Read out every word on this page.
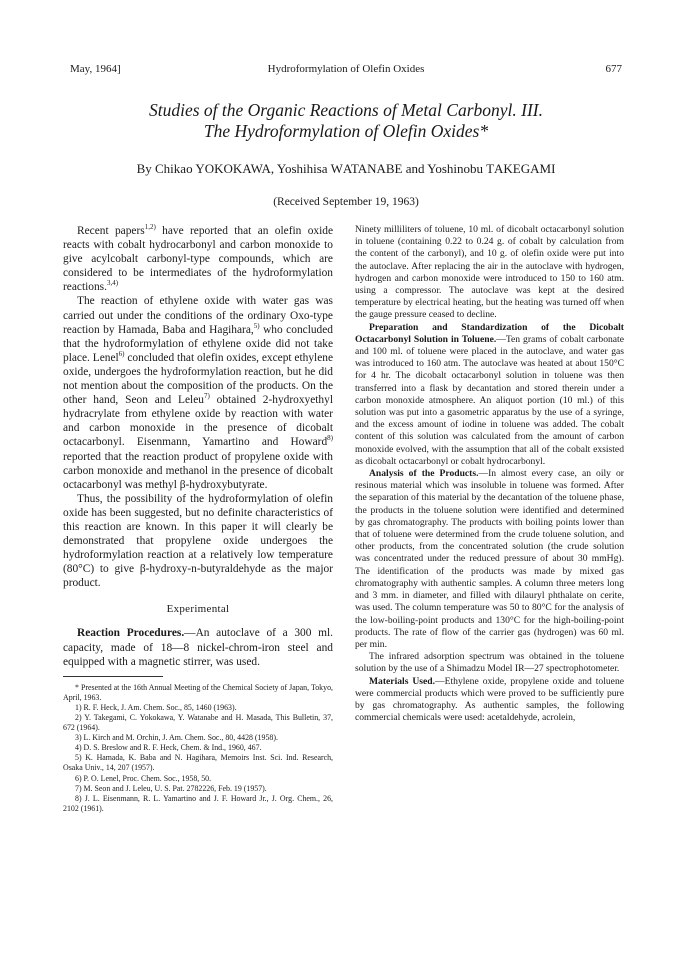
May, 1964]	Hydroformylation of Olefin Oxides	677
Studies of the Organic Reactions of Metal Carbonyl. III.
The Hydroformylation of Olefin Oxides*
By Chikao YOKOKAWA, Yoshihisa WATANABE and Yoshinobu TAKEGAMI
(Received September 19, 1963)

Recent papers$^{1,2)}$ have reported that an olefin oxide reacts with cobalt hydrocarbonyl and carbon monoxide to give acylcobalt carbonyl-type compounds, which are considered to be intermediates of the hydroformylation reactions.$^{3,4)}$

The reaction of ethylene oxide with water gas was carried out under the conditions of the ordinary Oxo-type reaction by Hamada, Baba and Hagihara,$^{5)}$ who concluded that the hydroformylation of ethylene oxide did not take place. Lenel$^{6)}$ concluded that olefin oxides, except ethylene oxide, undergoes the hydroformylation reaction, but he did not mention about the composition of the products. On the other hand, Seon and Leleu$^{7)}$ obtained 2-hydroxyethyl hydracrylate from ethylene oxide by reaction with water and carbon monoxide in the presence of dicobalt octacarbonyl. Eisenmann, Yamartino and Howard$^{8)}$ reported that the reaction product of propylene oxide with carbon monoxide and methanol in the presence of dicobalt octacarbonyl was methyl β-hydroxybutyrate.

Thus, the possibility of the hydroformylation of olefin oxide has been suggested, but no definite characteristics of this reaction are known. In this paper it will clearly be demonstrated that propylene oxide undergoes the hydroformylation reaction at a relatively low temperature (80°C) to give β-hydroxy-n-butyraldehyde as the major product.

Experimental

Reaction Procedures.—An autoclave of a 300 ml. capacity, made of 18—8 nickel-chrom-iron steel and equipped with a magnetic stirrer, was used.

* Presented at the 16th Annual Meeting of the Chemical Society of Japan, Tokyo, April, 1963.

1) R. F. Heck, J. Am. Chem. Soc., 85, 1460 (1963).

2) Y. Takegami, C. Yokokawa, Y. Watanabe and H. Masada, This Bulletin, 37, 672 (1964).

3) L. Kirch and M. Orchin, J. Am. Chem. Soc., 80, 4428 (1958).

4) D. S. Breslow and R. F. Heck, Chem. & Ind., 1960, 467.

5) K. Hamada, K. Baba and N. Hagihara, Memoirs Inst. Sci. Ind. Research, Osaka Univ., 14, 207 (1957).

6) P. O. Lenel, Proc. Chem. Soc., 1958, 50.

7) M. Seon and J. Leleu, U. S. Pat. 2782226, Feb. 19 (1957).

8) J. L. Eisenmann, R. L. Yamartino and J. F. Howard Jr., J. Org. Chem., 26, 2102 (1961).

Ninety milliliters of toluene, 10 ml. of dicobalt octacarbonyl solution in toluene (containing 0.22 to 0.24 g. of cobalt by calculation from the content of the carbonyl), and 10 g. of olefin oxide were put into the autoclave. After replacing the air in the autoclave with hydrogen, hydrogen and carbon monoxide were introduced to 150 to 160 atm. using a compressor. The autoclave was kept at the desired temperature by electrical heating, but the heating was turned off when the gauge pressure ceased to decline.

Preparation and Standardization of the Dicobalt Octacarbonyl Solution in Toluene.—Ten grams of cobalt carbonate and 100 ml. of toluene were placed in the autoclave, and water gas was introduced to 160 atm. The autoclave was heated at about 150°C for 4 hr. The dicobalt octacarbonyl solution in toluene was then transferred into a flask by decantation and stored therein under a carbon monoxide atmosphere. An aliquot portion (10 ml.) of this solution was put into a gasometric apparatus by the use of a syringe, and the excess amount of iodine in toluene was added. The cobalt content of this solution was calculated from the amount of carbon monoxide evolved, with the assumption that all of the cobalt exsisted as dicobalt octacarbonyl or cobalt hydrocarbonyl.

Analysis of the Products.—In almost every case, an oily or resinous material which was insoluble in toluene was formed. After the separation of this material by the decantation of the toluene phase, the products in the toluene solution were identified and determined by gas chromatography. The products with boiling points lower than that of toluene were determined from the crude toluene solution, and other products, from the concentrated solution (the crude solution was concentrated under the reduced pressure of about 30 mmHg). The identification of the products was made by mixed gas chromatography with authentic samples. A column three meters long and 3 mm. in diameter, and filled with dilauryl phthalate on cerite, was used. The column temperature was 50 to 80°C for the analysis of the low-boiling-point products and 130°C for the high-boiling-point products. The rate of flow of the carrier gas (hydrogen) was 60 ml. per min.

The infrared adsorption spectrum was obtained in the toluene solution by the use of a Shimadzu Model IR—27 spectrophotometer.

Materials Used.—Ethylene oxide, propylene oxide and toluene were commercial products which were proved to be sufficiently pure by gas chromatography. As authentic samples, the following commercial chemicals were used: acetaldehyde, acrolein,
